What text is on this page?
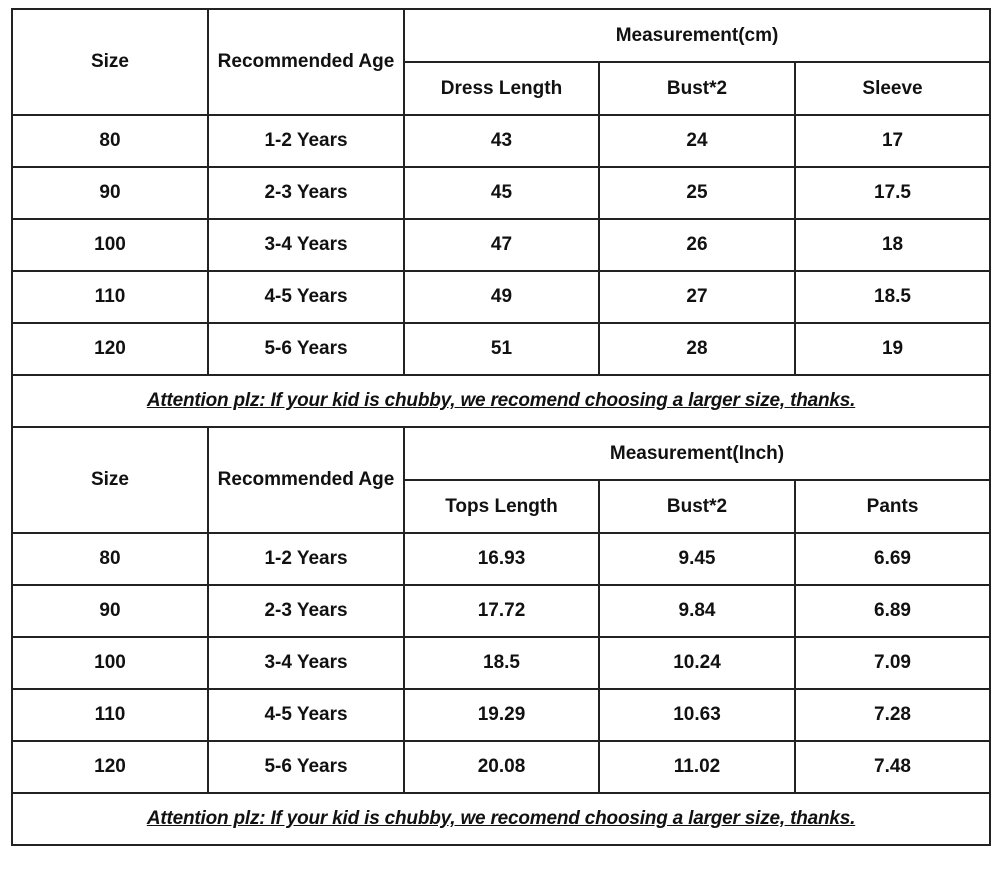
Size	Recommended Age	Measurement(cm)		
		Dress Length	Bust*2	Sleeve
80	1-2 Years	43	24	17
90	2-3 Years	45	25	17.5
100	3-4 Years	47	26	18
110	4-5 Years	49	27	18.5
120	5-6 Years	51	28	19
Attention plz: If your kid is chubby, we recomend choosing a larger size, thanks.				
Size	Recommended Age	Measurement(Inch)		
		Tops Length	Bust*2	Pants
80	1-2 Years	16.93	9.45	6.69
90	2-3 Years	17.72	9.84	6.89
100	3-4 Years	18.5	10.24	7.09
110	4-5 Years	19.29	10.63	7.28
120	5-6 Years	20.08	11.02	7.48
Attention plz: If your kid is chubby, we recomend choosing a larger size, thanks.				
